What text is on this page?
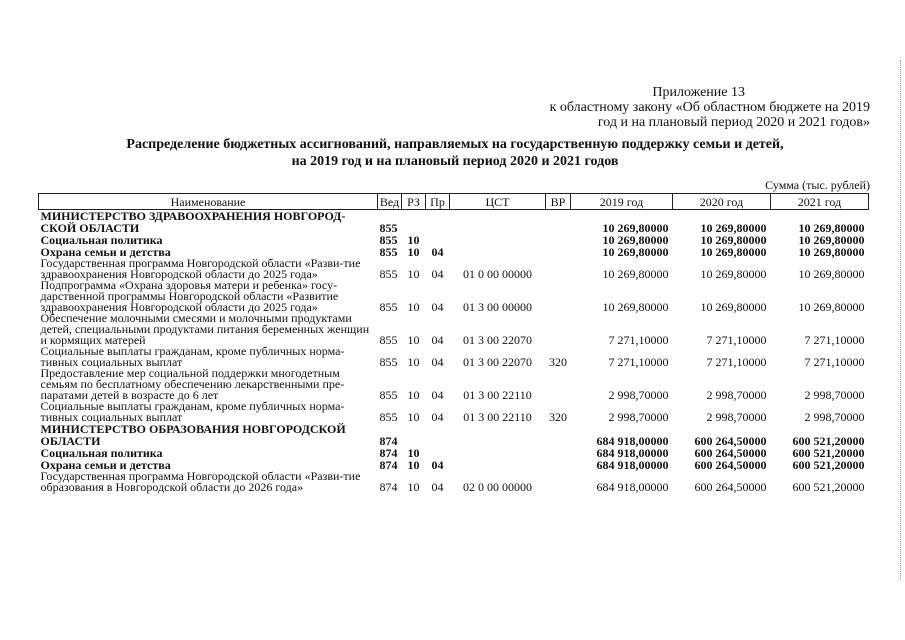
Приложение 13
к областному закону «Об областном бюджете на 2019
год и на плановый период 2020 и 2021 годов»
Распределение бюджетных ассигнований, направляемых на государственную поддержку семьи и детей,
на 2019 год и на плановый период 2020 и 2021 годов
Сумма (тыс. рублей)
Наименование	Вед	РЗ	Пр	ЦСТ	ВР	2019 год	2020 год	2021 год
МИНИСТЕРСТВО ЗДРАВООХРАНЕНИЯ НОВГОРОД-СКОЙ ОБЛАСТИ	855					10 269,80000	10 269,80000	10 269,80000
Социальная политика	855	10				10 269,80000	10 269,80000	10 269,80000
Охрана семьи и детства	855	10	04			10 269,80000	10 269,80000	10 269,80000
Государственная программа Новгородской области «Разви-тие здравоохранения Новгородской области до 2025 года»	855	10	04	01 0 00 00000		10 269,80000	10 269,80000	10 269,80000
Подпрограмма «Охрана здоровья матери и ребенка» госу-дарственной программы Новгородской области «Развитие здравоохранения Новгородской области до 2025 года»	855	10	04	01 3 00 00000		10 269,80000	10 269,80000	10 269,80000
Обеспечение молочными смесями и молочными продуктами детей, специальными продуктами питания беременных женщин и кормящих матерей	855	10	04	01 3 00 22070		7 271,10000	7 271,10000	7 271,10000
Социальные выплаты гражданам, кроме публичных норма-тивных социальных выплат	855	10	04	01 3 00 22070	320	7 271,10000	7 271,10000	7 271,10000
Предоставление мер социальной поддержки многодетным семьям по бесплатному обеспечению лекарственными пре-паратами детей в возрасте до 6 лет	855	10	04	01 3 00 22110		2 998,70000	2 998,70000	2 998,70000
Социальные выплаты гражданам, кроме публичных норма-тивных социальных выплат	855	10	04	01 3 00 22110	320	2 998,70000	2 998,70000	2 998,70000
МИНИСТЕРСТВО ОБРАЗОВАНИЯ НОВГОРОДСКОЙ ОБЛАСТИ	874					684 918,00000	600 264,50000	600 521,20000
Социальная политика	874	10				684 918,00000	600 264,50000	600 521,20000
Охрана семьи и детства	874	10	04			684 918,00000	600 264,50000	600 521,20000
Государственная программа Новгородской области «Разви-тие образования в Новгородской области до 2026 года»	874	10	04	02 0 00 00000		684 918,00000	600 264,50000	600 521,20000
